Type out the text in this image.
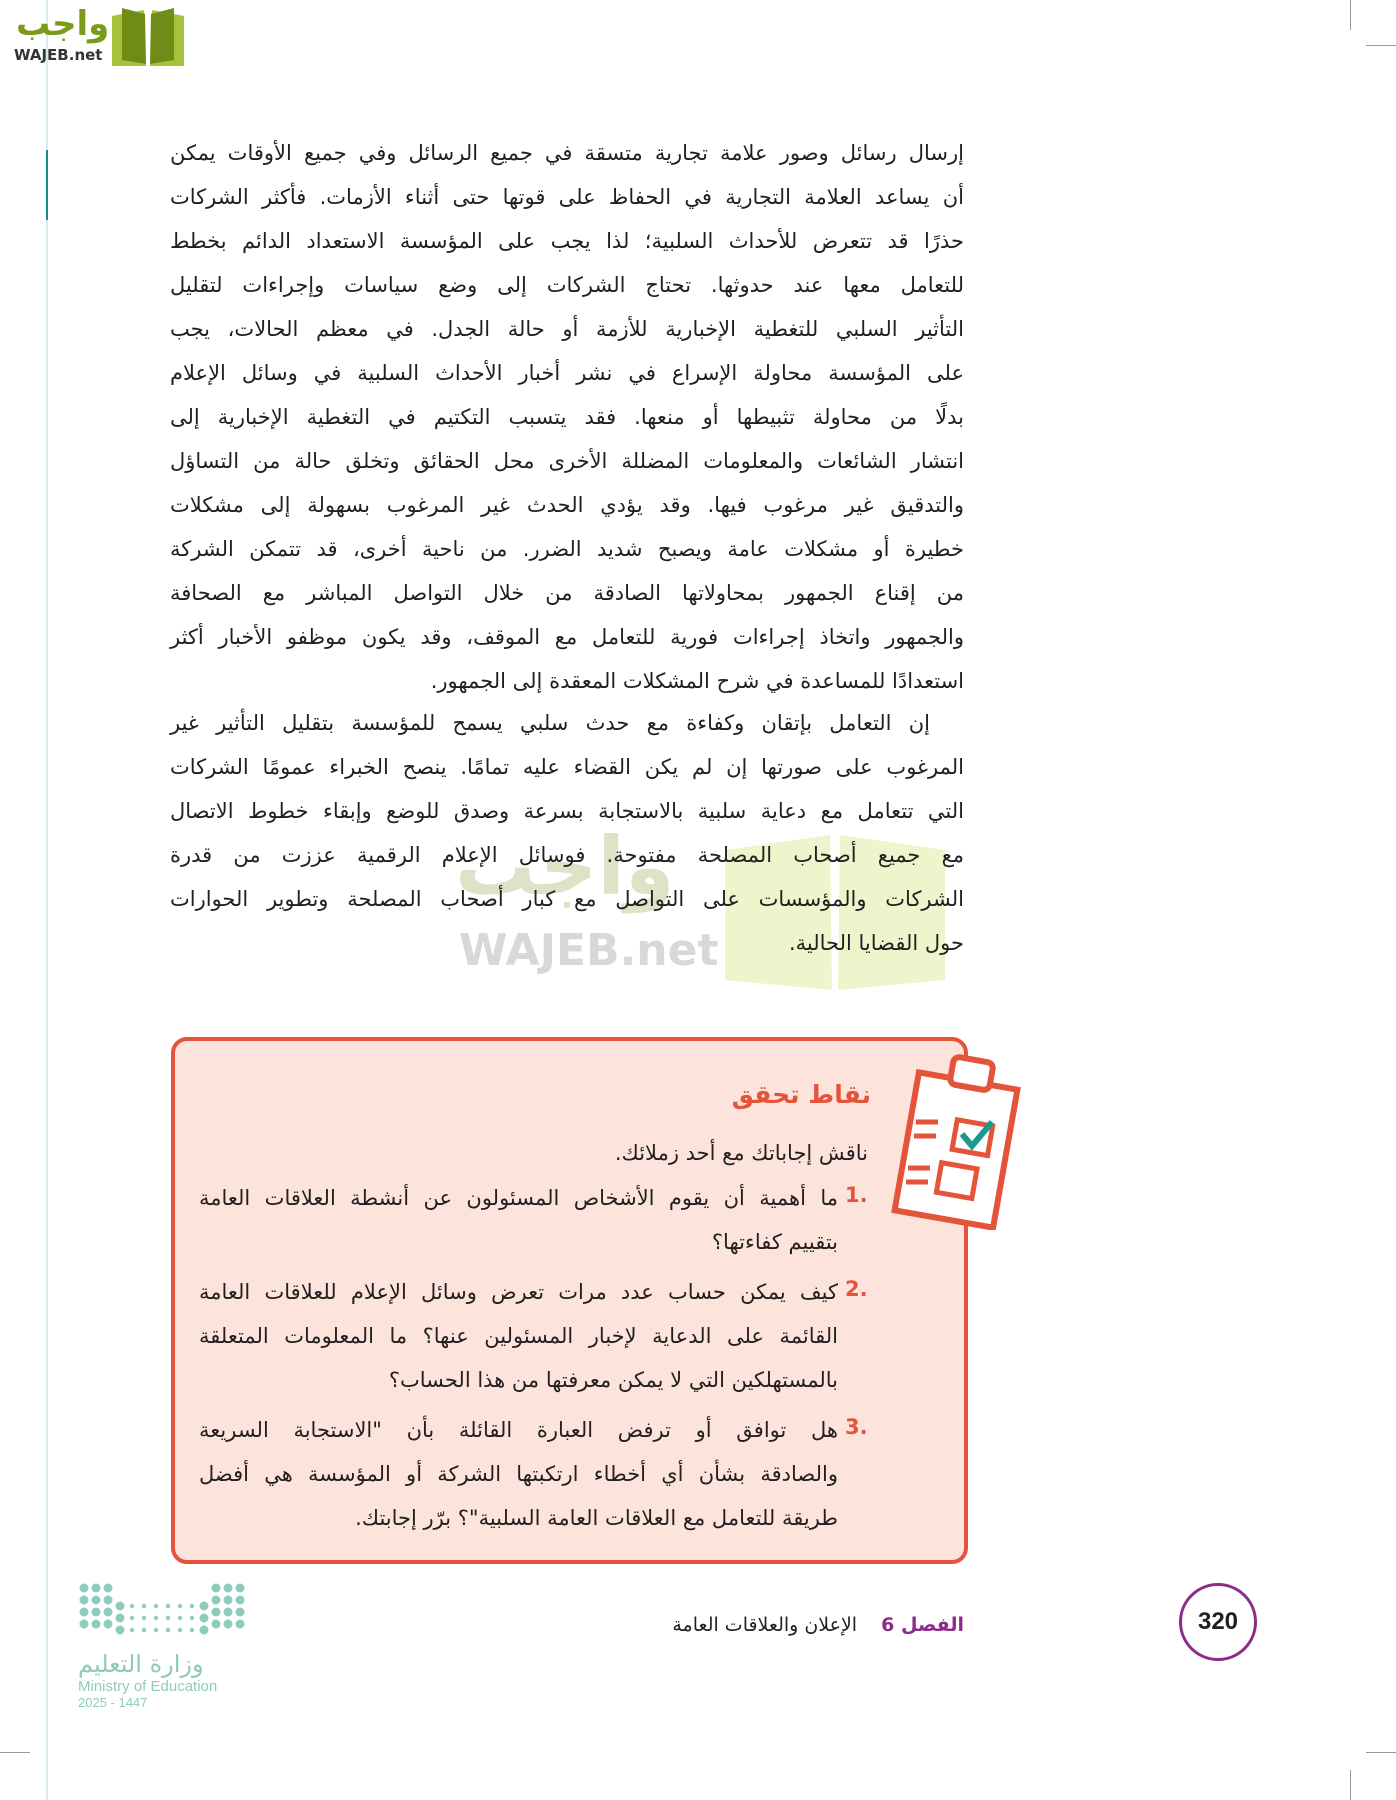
واجب
WAJEB.net
واجب
WAJEB.net
إرسال رسائل وصور علامة تجارية متسقة في جميع الرسائل وفي جميع الأوقات يمكن
أن يساعد العلامة التجارية في الحفاظ على قوتها حتى أثناء الأزمات. فأكثر الشركات
حذرًا قد تتعرض للأحداث السلبية؛ لذا يجب على المؤسسة الاستعداد الدائم بخطط
للتعامل معها عند حدوثها. تحتاج الشركات إلى وضع سياسات وإجراءات لتقليل
التأثير السلبي للتغطية الإخبارية للأزمة أو حالة الجدل. في معظم الحالات، يجب
على المؤسسة محاولة الإسراع في نشر أخبار الأحداث السلبية في وسائل الإعلام
بدلًا من محاولة تثبيطها أو منعها. فقد يتسبب التكتيم في التغطية الإخبارية إلى
انتشار الشائعات والمعلومات المضللة الأخرى محل الحقائق وتخلق حالة من التساؤل
والتدقيق غير مرغوب فيها. وقد يؤدي الحدث غير المرغوب بسهولة إلى مشكلات
خطيرة أو مشكلات عامة ويصبح شديد الضرر. من ناحية أخرى، قد تتمكن الشركة
من إقناع الجمهور بمحاولاتها الصادقة من خلال التواصل المباشر مع الصحافة
والجمهور واتخاذ إجراءات فورية للتعامل مع الموقف، وقد يكون موظفو الأخبار أكثر
استعدادًا للمساعدة في شرح المشكلات المعقدة إلى الجمهور.
إن التعامل بإتقان وكفاءة مع حدث سلبي يسمح للمؤسسة بتقليل التأثير غير
المرغوب على صورتها إن لم يكن القضاء عليه تمامًا. ينصح الخبراء عمومًا الشركات
التي تتعامل مع دعاية سلبية بالاستجابة بسرعة وصدق للوضع وإبقاء خطوط الاتصال
مع جميع أصحاب المصلحة مفتوحة. فوسائل الإعلام الرقمية عززت من قدرة
الشركات والمؤسسات على التواصل مع كبار أصحاب المصلحة وتطوير الحوارات
حول القضايا الحالية.
نقاط تحقق
ناقش إجاباتك مع أحد زملائك.
1.
ما أهمية أن يقوم الأشخاص المسئولون عن أنشطة العلاقات العامة
بتقييم كفاءتها؟
2.
كيف يمكن حساب عدد مرات تعرض وسائل الإعلام للعلاقات العامة
القائمة على الدعاية لإخبار المسئولين عنها؟ ما المعلومات المتعلقة
بالمستهلكين التي لا يمكن معرفتها من هذا الحساب؟
3.
هل توافق أو ترفض العبارة القائلة بأن "الاستجابة السريعة
والصادقة بشأن أي أخطاء ارتكبتها الشركة أو المؤسسة هي أفضل
طريقة للتعامل مع العلاقات العامة السلبية"؟ برّر إجابتك.
320
الفصل 6 الإعلان والعلاقات العامة
وزارة التعليم
Ministry of Education
2025 - 1447
